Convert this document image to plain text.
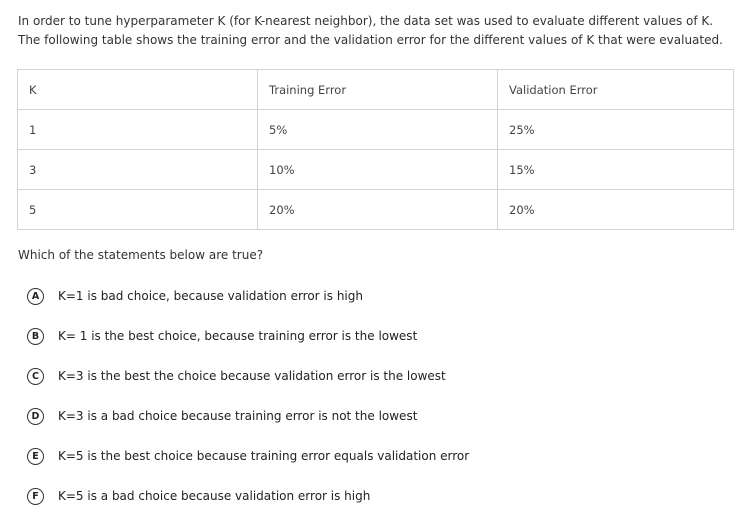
In order to tune hyperparameter K (for K-nearest neighbor), the data set was used to evaluate different values of K. The following table shows the training error and the validation error for the different values of K that were evaluated.

K	Training Error	Validation Error
1	5%	25%
3	10%	15%
5	20%	20%

Which of the statements below are true?

A	K=1 is bad choice, because validation error is high
B	K= 1 is the best choice, because training error is the lowest
C	K=3 is the best the choice because validation error is the lowest
D	K=3 is a bad choice because training error is not the lowest
E	K=5 is the best choice because training error equals validation error
F	K=5 is a bad choice because validation error is high
